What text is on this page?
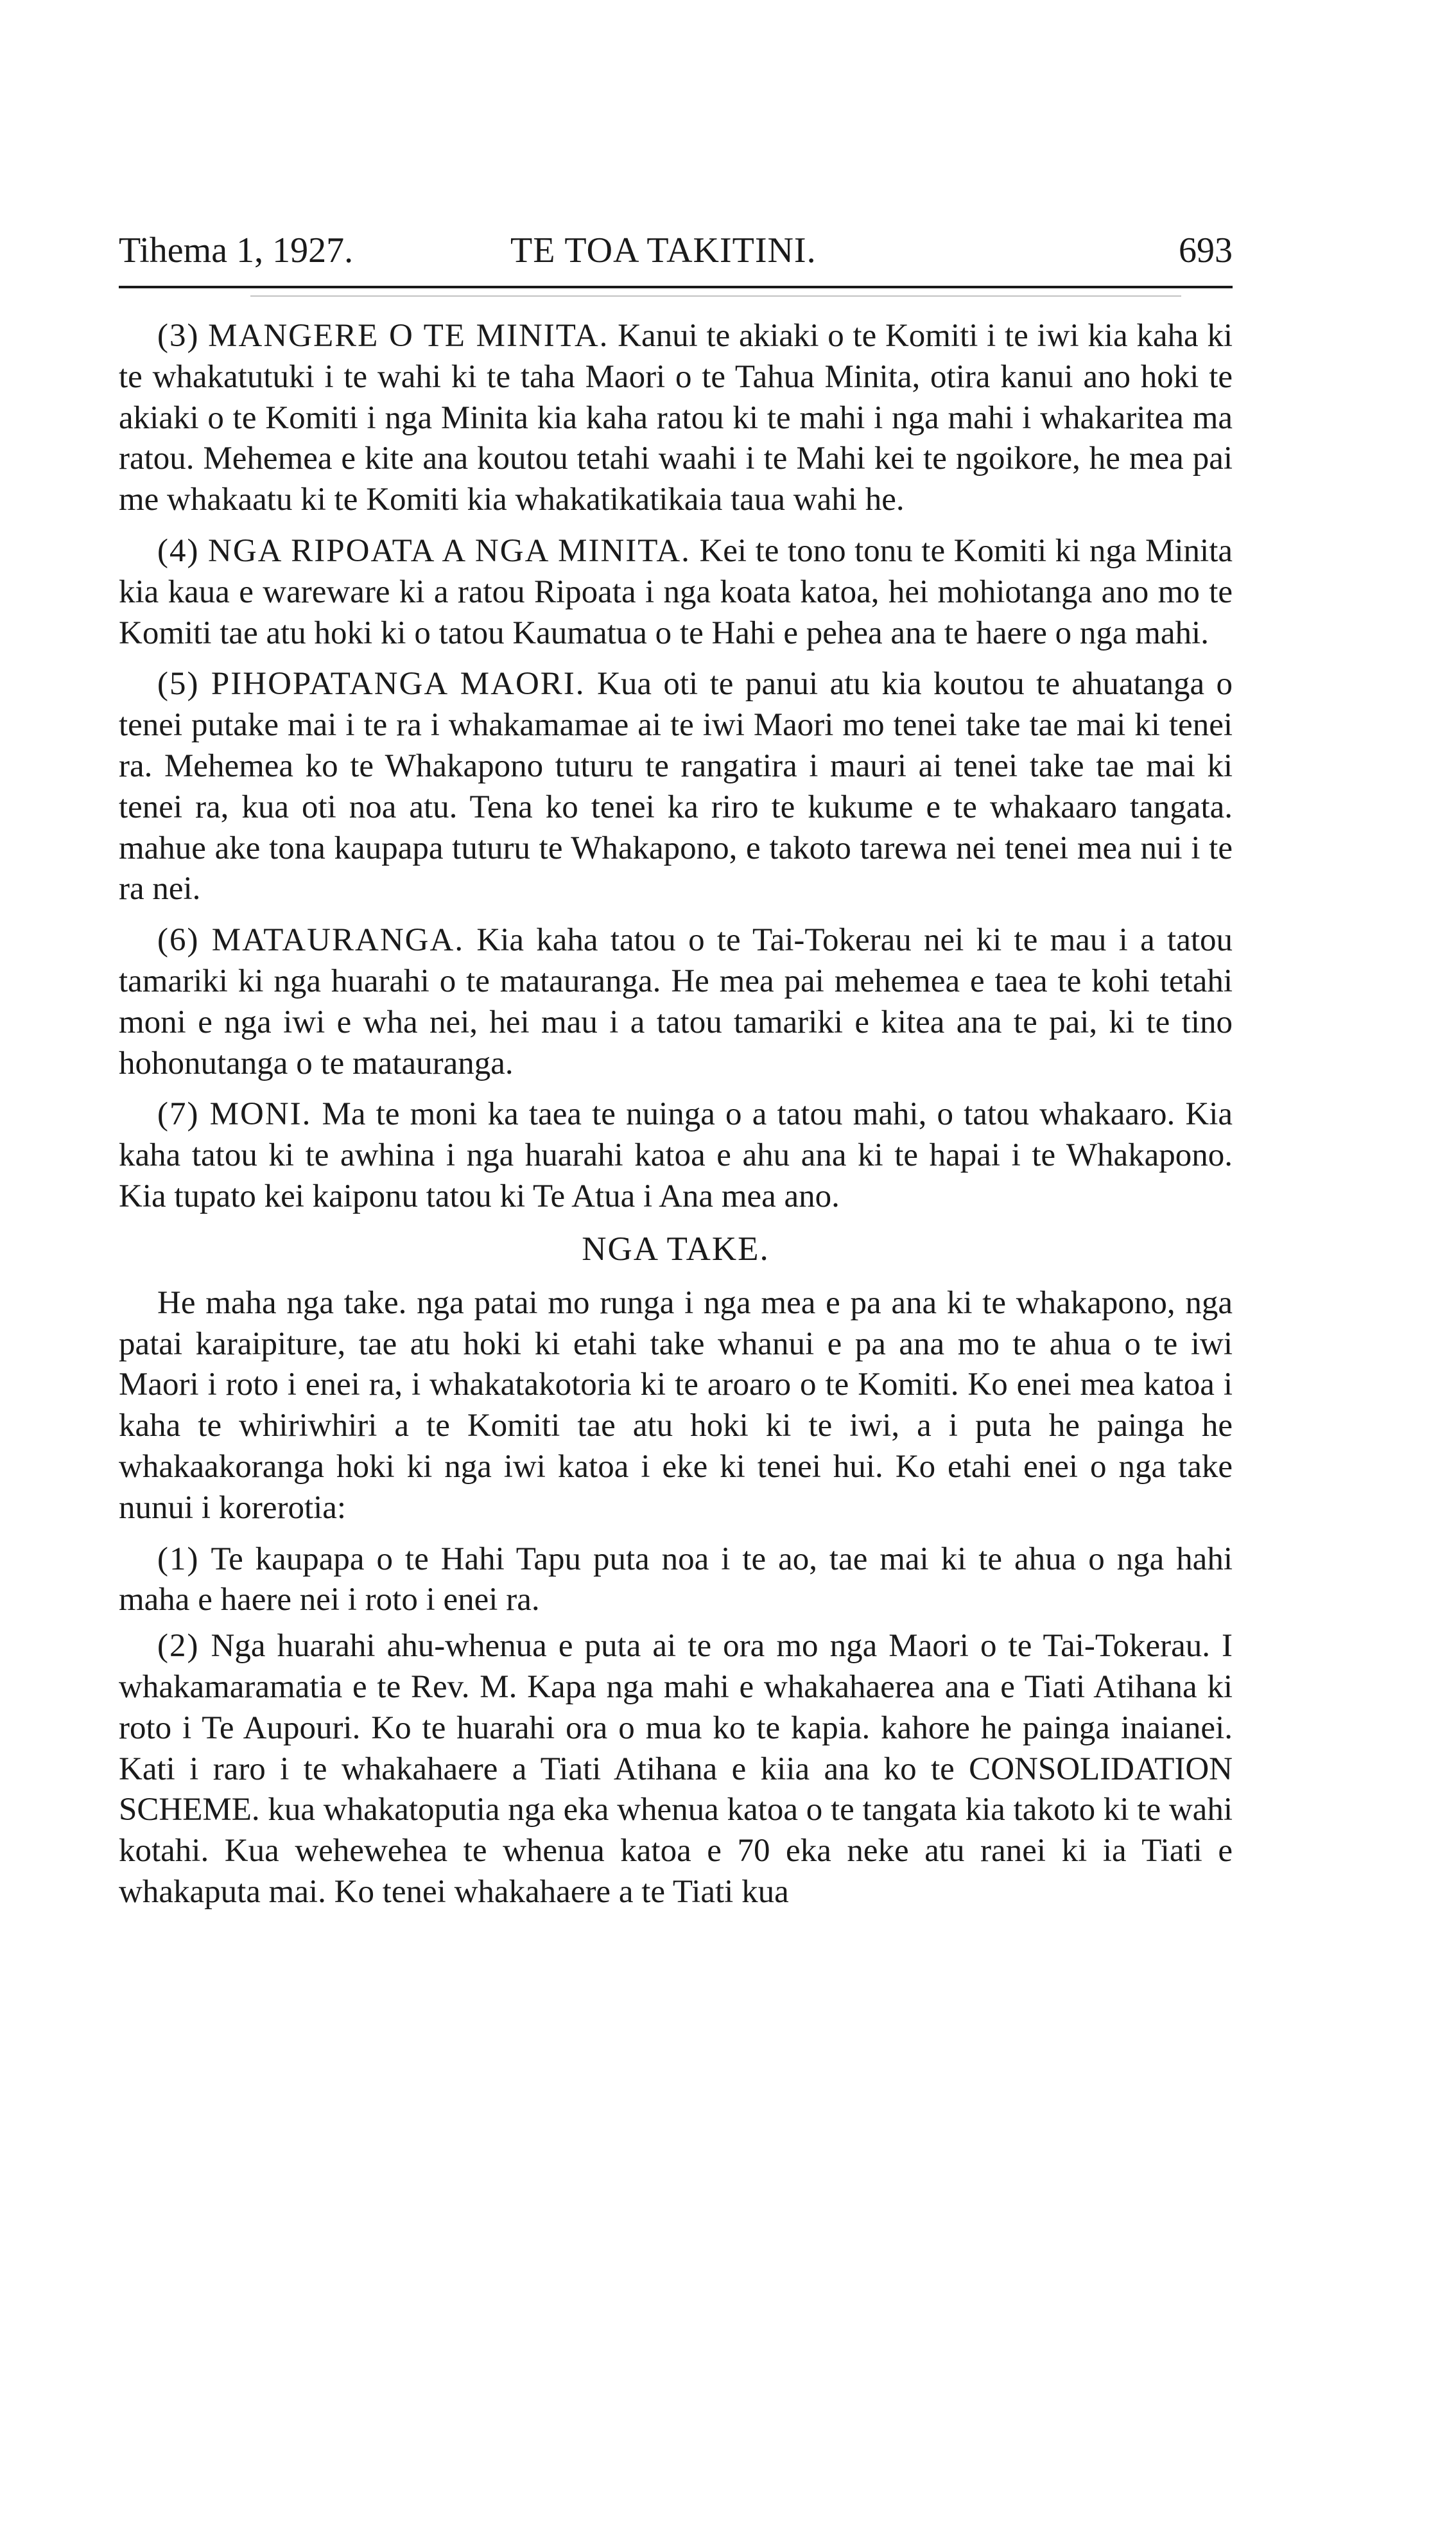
Tihema 1, 1927.	TE TOA TAKITINI.	693

(3) MANGERE O TE MINITA. Kanui te akiaki o te Komiti i te iwi kia kaha ki te whakatutuki i te wahi ki te taha Maori o te Tahua Minita, otira kanui ano hoki te akiaki o te Komiti i nga Minita kia kaha ratou ki te mahi i nga mahi i whakaritea ma ratou. Mehemea e kite ana koutou tetahi waahi i te Mahi kei te ngoikore, he mea pai me whakaatu ki te Komiti kia whakatikatikaia taua wahi he.

(4) NGA RIPOATA A NGA MINITA. Kei te tono tonu te Komiti ki nga Minita kia kaua e wareware ki a ratou Ripoata i nga koata katoa, hei mohiotanga ano mo te Komiti tae atu hoki ki o tatou Kaumatua o te Hahi e pehea ana te haere o nga mahi.

(5) PIHOPATANGA MAORI. Kua oti te panui atu kia koutou te ahuatanga o tenei putake mai i te ra i whakamamae ai te iwi Maori mo tenei take tae mai ki tenei ra. Mehemea ko te Whakapono tuturu te rangatira i mauri ai tenei take tae mai ki tenei ra, kua oti noa atu. Tena ko tenei ka riro te kukume e te whakaaro tangata. mahue ake tona kaupapa tuturu te Whakapono, e takoto tarewa nei tenei mea nui i te ra nei.

(6) MATAURANGA. Kia kaha tatou o te Tai-Tokerau nei ki te mau i a tatou tamariki ki nga huarahi o te matauranga. He mea pai mehemea e taea te kohi tetahi moni e nga iwi e wha nei, hei mau i a tatou tamariki e kitea ana te pai, ki te tino hohonutanga o te matauranga.

(7) MONI. Ma te moni ka taea te nuinga o a tatou mahi, o tatou whakaaro. Kia kaha tatou ki te awhina i nga huarahi katoa e ahu ana ki te hapai i te Whakapono. Kia tupato kei kaiponu tatou ki Te Atua i Ana mea ano.

NGA TAKE.

He maha nga take. nga patai mo runga i nga mea e pa ana ki te whakapono, nga patai karaipiture, tae atu hoki ki etahi take whanui e pa ana mo te ahua o te iwi Maori i roto i enei ra, i whakatakotoria ki te aroaro o te Komiti. Ko enei mea katoa i kaha te whiriwhiri a te Komiti tae atu hoki ki te iwi, a i puta he painga he whakaakoranga hoki ki nga iwi katoa i eke ki tenei hui. Ko etahi enei o nga take nunui i korerotia:

(1) Te kaupapa o te Hahi Tapu puta noa i te ao, tae mai ki te ahua o nga hahi maha e haere nei i roto i enei ra.

(2) Nga huarahi ahu-whenua e puta ai te ora mo nga Maori o te Tai-Tokerau. I whakamaramatia e te Rev. M. Kapa nga mahi e whakahaerea ana e Tiati Atihana ki roto i Te Aupouri. Ko te huarahi ora o mua ko te kapia. kahore he painga inaianei. Kati i raro i te whakahaere a Tiati Atihana e kiia ana ko te CONSOLIDATION SCHEME. kua whakatoputia nga eka whenua katoa o te tangata kia takoto ki te wahi kotahi. Kua wehewehea te whenua katoa e 70 eka neke atu ranei ki ia Tiati e whakaputa mai. Ko tenei whakahaere a te Tiati kua
